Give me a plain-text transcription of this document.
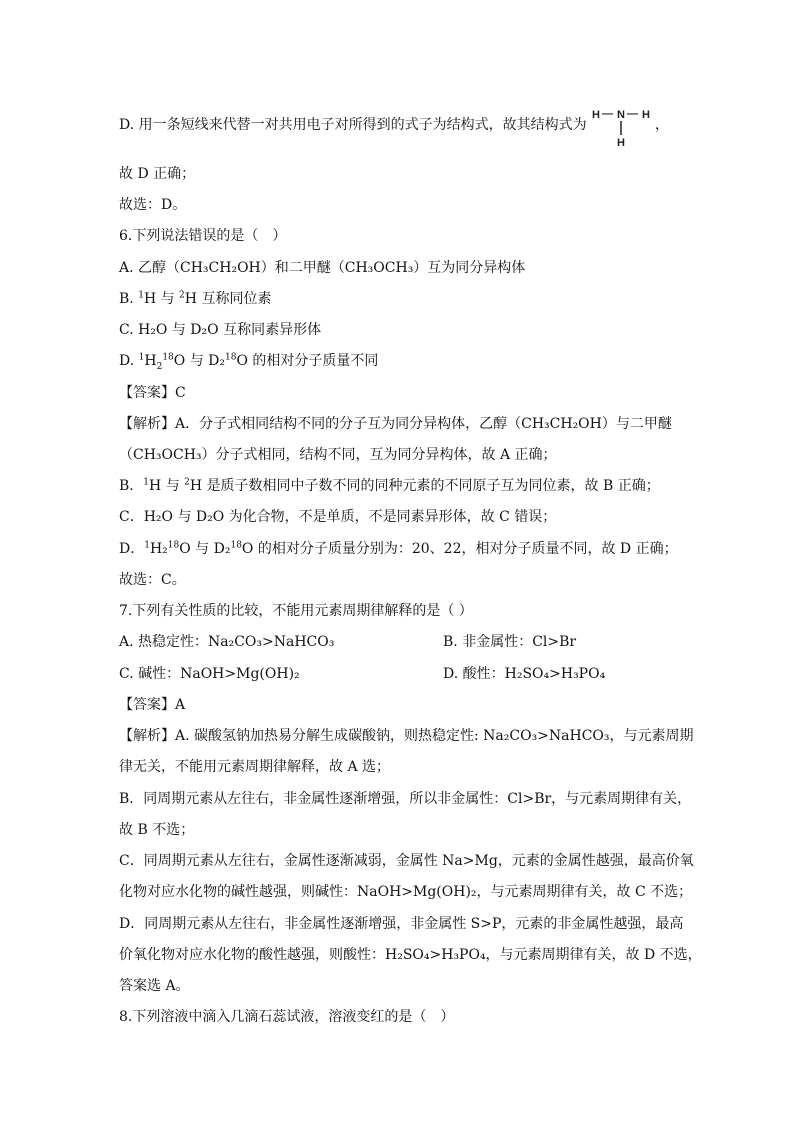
D. 用一条短线来代替一对共用电子对所得到的式子为结构式，故其结构式为
H — N — H
H
，
故 D 正确；
故选：D。
6.下列说法错误的是（　）
A. 乙醇（CH₃CH₂OH）和二甲醚（CH₃OCH₃）互为同分异构体
B. $^1$H 与 $^2$H 互称同位素
C. H₂O 与 D₂O 互称同素异形体
D. $^1H_2^{18}O$ 与 D₂$^{18}$O 的相对分子质量不同
【答案】C
【解析】A．分子式相同结构不同的分子互为同分异构体，乙醇（CH₃CH₂OH）与二甲醚
（CH₃OCH₃）分子式相同，结构不同，互为同分异构体，故 A 正确；
B．$^1$H 与 $^2$H 是质子数相同中子数不同的同种元素的不同原子互为同位素，故 B 正确；
C．H₂O 与 D₂O 为化合物，不是单质，不是同素异形体，故 C 错误；
D．$^1$H₂$^{18}$O 与 D₂$^{18}$O 的相对分子质量分别为：20、22，相对分子质量不同，故 D 正确；
故选：C。
7.下列有关性质的比较，不能用元素周期律解释的是（ ）
A. 热稳定性：Na₂CO₃>NaHCO₃	B. 非金属性：Cl>Br
C. 碱性：NaOH>Mg(OH)₂	D. 酸性：H₂SO₄>H₃PO₄
【答案】A
【解析】A. 碳酸氢钠加热易分解生成碳酸钠，则热稳定性: Na₂CO₃>NaHCO₃，与元素周期
律无关，不能用元素周期律解释，故 A 选；
B．同周期元素从左往右，非金属性逐渐增强，所以非金属性：Cl>Br，与元素周期律有关，
故 B 不选；
C．同周期元素从左往右，金属性逐渐减弱，金属性 Na>Mg，元素的金属性越强，最高价氧
化物对应水化物的碱性越强，则碱性：NaOH>Mg(OH)₂，与元素周期律有关，故 C 不选；
D．同周期元素从左往右，非金属性逐渐增强，非金属性 S>P，元素的非金属性越强，最高
价氧化物对应水化物的酸性越强，则酸性：H₂SO₄>H₃PO₄，与元素周期律有关，故 D 不选，
答案选 A。
8.下列溶液中滴入几滴石蕊试液，溶液变红的是（　）
